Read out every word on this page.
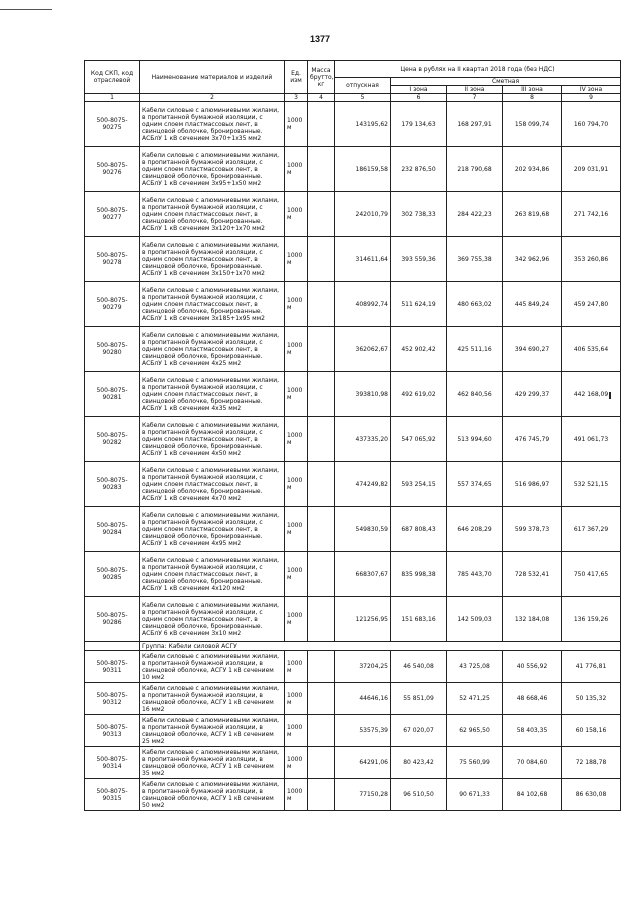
1377
Код СКП, код отраслевой	Наименование материалов и изделий	Ед. изм	Масса брутто, кг	Цена в рублях на II квартал 2018 года (без НДС)				
				отпускная	Сметная			
					I зона	II зона	III зона	IV зона
1	2	3	4	5	6	7	8	9
500-8075-90275	Кабели силовые с алюминиевыми жилами, в пропитанной бумажной изоляции, с одним слоем пластмассовых лент, в свинцовой оболочке, бронированные. АСБлУ 1 кВ сечением 3х70+1х35 мм2	1000 м		143195,62	179 134,63	168 297,91	158 099,74	160 794,70
500-8075-90276	Кабели силовые с алюминиевыми жилами, в пропитанной бумажной изоляции, с одним слоем пластмассовых лент, в свинцовой оболочке, бронированные. АСБлУ 1 кВ сечением 3х95+1х50 мм2	1000 м		186159,58	232 876,50	218 790,68	202 934,86	209 031,91
500-8075-90277	Кабели силовые с алюминиевыми жилами, в пропитанной бумажной изоляции, с одним слоем пластмассовых лент, в свинцовой оболочке, бронированные. АСБлУ 1 кВ сечением 3х120+1х70 мм2	1000 м		242010,79	302 738,33	284 422,23	263 819,68	271 742,16
500-8075-90278	Кабели силовые с алюминиевыми жилами, в пропитанной бумажной изоляции, с одним слоем пластмассовых лент, в свинцовой оболочке, бронированные. АСБлУ 1 кВ сечением 3х150+1х70 мм2	1000 м		314611,64	393 559,36	369 755,38	342 962,96	353 260,86
500-8075-90279	Кабели силовые с алюминиевыми жилами, в пропитанной бумажной изоляции, с одним слоем пластмассовых лент, в свинцовой оболочке, бронированные. АСБлУ 1 кВ сечением 3х185+1х95 мм2	1000 м		408992,74	511 624,19	480 663,02	445 849,24	459 247,80
500-8075-90280	Кабели силовые с алюминиевыми жилами, в пропитанной бумажной изоляции, с одним слоем пластмассовых лент, в свинцовой оболочке, бронированные. АСБлУ 1 кВ сечением 4х25 мм2	1000 м		362062,67	452 902,42	425 511,16	394 690,27	406 535,64
500-8075-90281	Кабели силовые с алюминиевыми жилами, в пропитанной бумажной изоляции, с одним слоем пластмассовых лент, в свинцовой оболочке, бронированные. АСБлУ 1 кВ сечением 4х35 мм2	1000 м		393810,98	492 619,02	462 840,56	429 299,37	442 168,09
500-8075-90282	Кабели силовые с алюминиевыми жилами, в пропитанной бумажной изоляции, с одним слоем пластмассовых лент, в свинцовой оболочке, бронированные. АСБлУ 1 кВ сечением 4х50 мм2	1000 м		437335,20	547 065,92	513 994,60	476 745,79	491 061,73
500-8075-90283	Кабели силовые с алюминиевыми жилами, в пропитанной бумажной изоляции, с одним слоем пластмассовых лент, в свинцовой оболочке, бронированные. АСБлУ 1 кВ сечением 4х70 мм2	1000 м		474249,82	593 254,15	557 374,65	516 986,97	532 521,15
500-8075-90284	Кабели силовые с алюминиевыми жилами, в пропитанной бумажной изоляции, с одним слоем пластмассовых лент, в свинцовой оболочке, бронированные. АСБлУ 1 кВ сечением 4х95 мм2	1000 м		549830,59	687 808,43	646 208,29	599 378,73	617 367,29
500-8075-90285	Кабели силовые с алюминиевыми жилами, в пропитанной бумажной изоляции, с одним слоем пластмассовых лент, в свинцовой оболочке, бронированные. АСБлУ 1 кВ сечением 4х120 мм2	1000 м		668307,67	835 998,38	785 443,70	728 532,41	750 417,65
500-8075-90286	Кабели силовые с алюминиевыми жилами, в пропитанной бумажной изоляции, с одним слоем пластмассовых лент, в свинцовой оболочке, бронированные. АСБлУ 6 кВ сечением 3х10 мм2	1000 м		121256,95	151 683,16	142 509,03	132 184,08	136 159,26
	Группа: Кабели силовой АСГУ							
500-8075-90311	Кабели силовые с алюминиевыми жилами, в пропитанной бумажной изоляции, в свинцовой оболочке, АСГУ 1 кВ сечением 10 мм2	1000 м		37204,25	46 540,08	43 725,08	40 556,92	41 776,81
500-8075-90312	Кабели силовые с алюминиевыми жилами, в пропитанной бумажной изоляции, в свинцовой оболочке, АСГУ 1 кВ сечением 16 мм2	1000 м		44646,16	55 851,09	52 471,25	48 668,46	50 135,32
500-8075-90313	Кабели силовые с алюминиевыми жилами, в пропитанной бумажной изоляции, в свинцовой оболочке, АСГУ 1 кВ сечением 25 мм2	1000 м		53575,39	67 020,07	62 965,50	58 403,35	60 158,16
500-8075-90314	Кабели силовые с алюминиевыми жилами, в пропитанной бумажной изоляции, в свинцовой оболочке, АСГУ 1 кВ сечением 35 мм2	1000 м		64291,06	80 423,42	75 560,99	70 084,60	72 188,78
500-8075-90315	Кабели силовые с алюминиевыми жилами, в пропитанной бумажной изоляции, в свинцовой оболочке, АСГУ 1 кВ сечением 50 мм2	1000 м		77150,28	96 510,50	90 671,33	84 102,68	86 630,08
